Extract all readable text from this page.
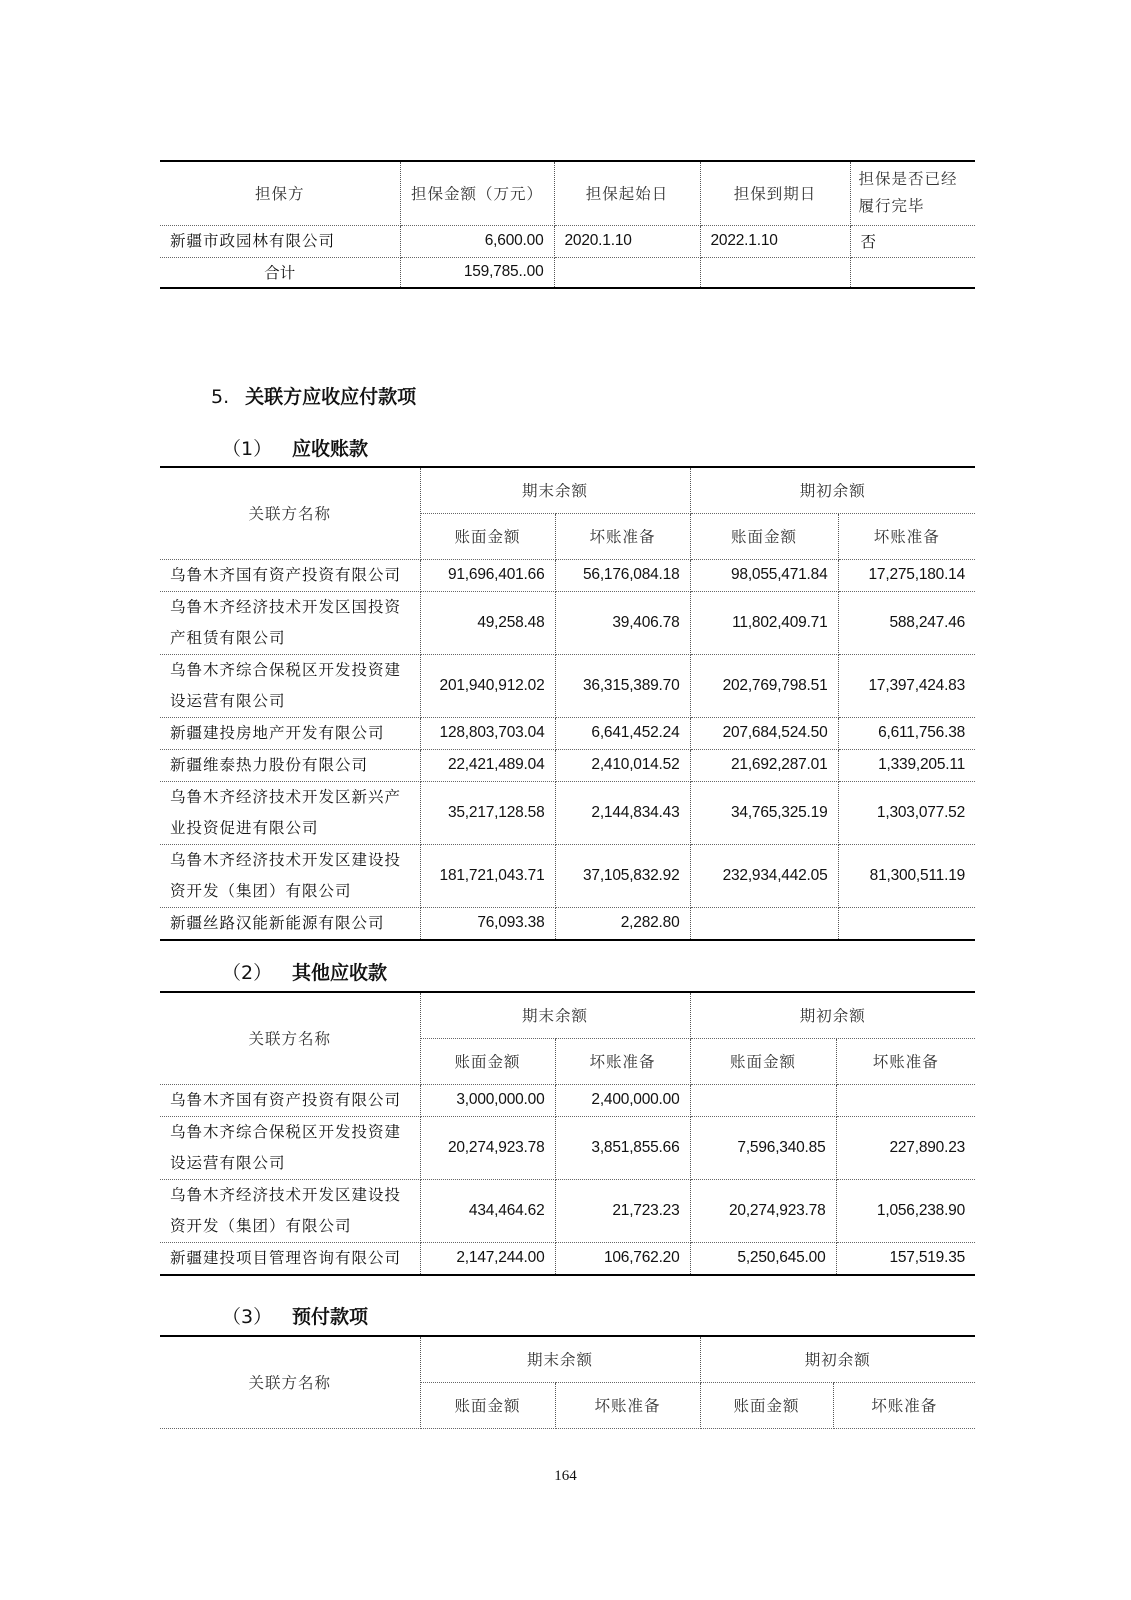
担保方	担保金额（万元）	担保起始日	担保到期日	担保是否已经履行完毕
新疆市政园林有限公司	6,600.00	2020.1.10	2022.1.10	否
合计	159,785..00			
5. 关联方应收应付款项
（1） 应收账款
关联方名称	期末余额		期初余额	
	账面金额	坏账准备	账面金额	坏账准备
乌鲁木齐国有资产投资有限公司	91,696,401.66	56,176,084.18	98,055,471.84	17,275,180.14
乌鲁木齐经济技术开发区国投资产租赁有限公司	49,258.48	39,406.78	11,802,409.71	588,247.46
乌鲁木齐综合保税区开发投资建设运营有限公司	201,940,912.02	36,315,389.70	202,769,798.51	17,397,424.83
新疆建投房地产开发有限公司	128,803,703.04	6,641,452.24	207,684,524.50	6,611,756.38
新疆维泰热力股份有限公司	22,421,489.04	2,410,014.52	21,692,287.01	1,339,205.11
乌鲁木齐经济技术开发区新兴产业投资促进有限公司	35,217,128.58	2,144,834.43	34,765,325.19	1,303,077.52
乌鲁木齐经济技术开发区建设投资开发（集团）有限公司	181,721,043.71	37,105,832.92	232,934,442.05	81,300,511.19
新疆丝路汉能新能源有限公司	76,093.38	2,282.80		
（2） 其他应收款
关联方名称	期末余额		期初余额	
	账面金额	坏账准备	账面金额	坏账准备
乌鲁木齐国有资产投资有限公司	3,000,000.00	2,400,000.00		
乌鲁木齐综合保税区开发投资建设运营有限公司	20,274,923.78	3,851,855.66	7,596,340.85	227,890.23
乌鲁木齐经济技术开发区建设投资开发（集团）有限公司	434,464.62	21,723.23	20,274,923.78	1,056,238.90
新疆建投项目管理咨询有限公司	2,147,244.00	106,762.20	5,250,645.00	157,519.35
（3） 预付款项
关联方名称	期末余额		期初余额	
	账面金额	坏账准备	账面金额	坏账准备
164
